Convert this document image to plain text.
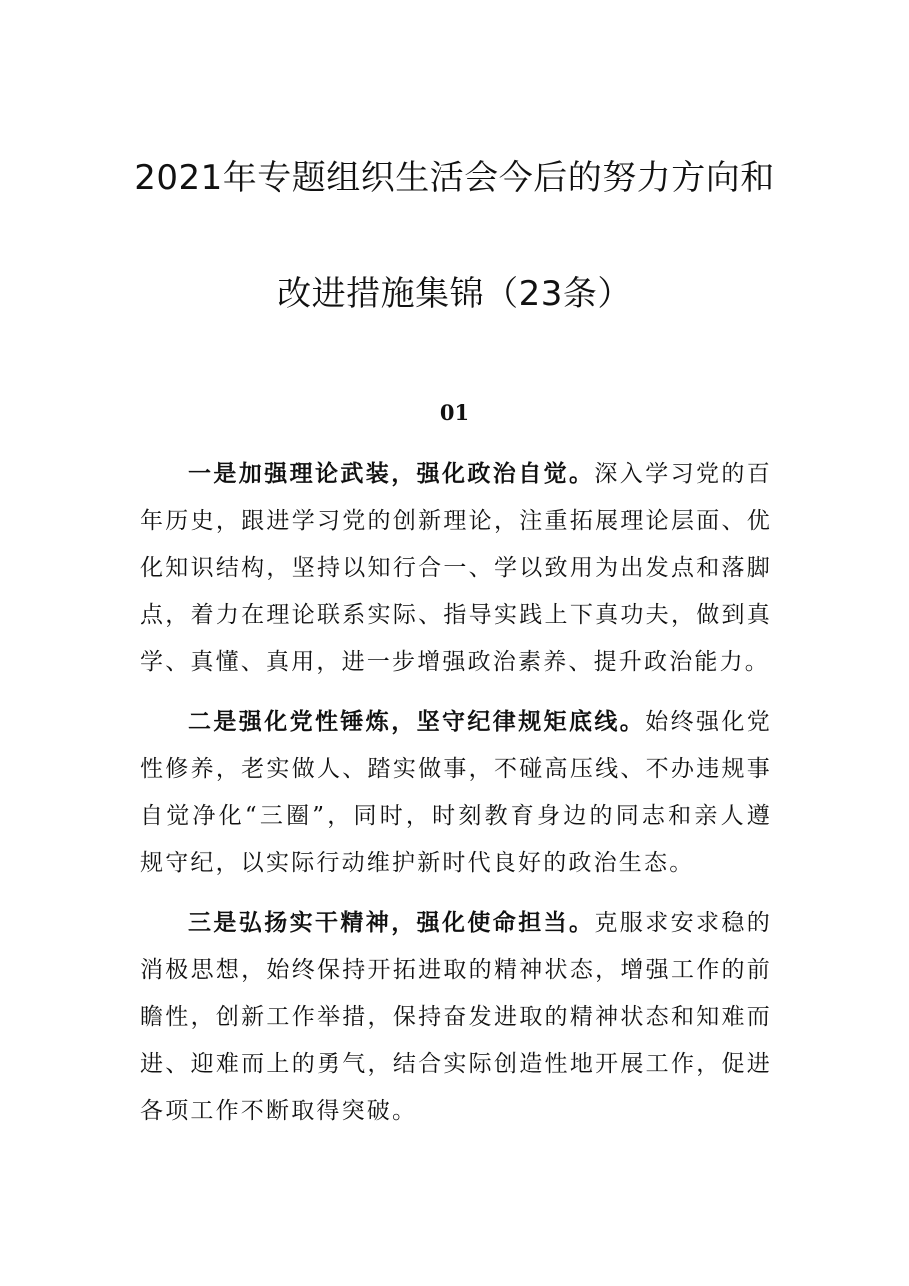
2021年专题组织生活会今后的努力方向和
改进措施集锦（23条）
01

一是加强理论武装，强化政治自觉。深入学习党的百年历史，跟进学习党的创新理论，注重拓展理论层面、优化知识结构，坚持以知行合一、学以致用为出发点和落脚点，着力在理论联系实际、指导实践上下真功夫，做到真学、真懂、真用，进一步增强政治素养、提升政治能力。

二是强化党性锤炼，坚守纪律规矩底线。始终强化党性修养，老实做人、踏实做事，不碰高压线、不办违规事自觉净化“三圈”，同时，时刻教育身边的同志和亲人遵规守纪，以实际行动维护新时代良好的政治生态。

三是弘扬实干精神，强化使命担当。克服求安求稳的消极思想，始终保持开拓进取的精神状态，增强工作的前瞻性，创新工作举措，保持奋发进取的精神状态和知难而进、迎难而上的勇气，结合实际创造性地开展工作，促进各项工作不断取得突破。
